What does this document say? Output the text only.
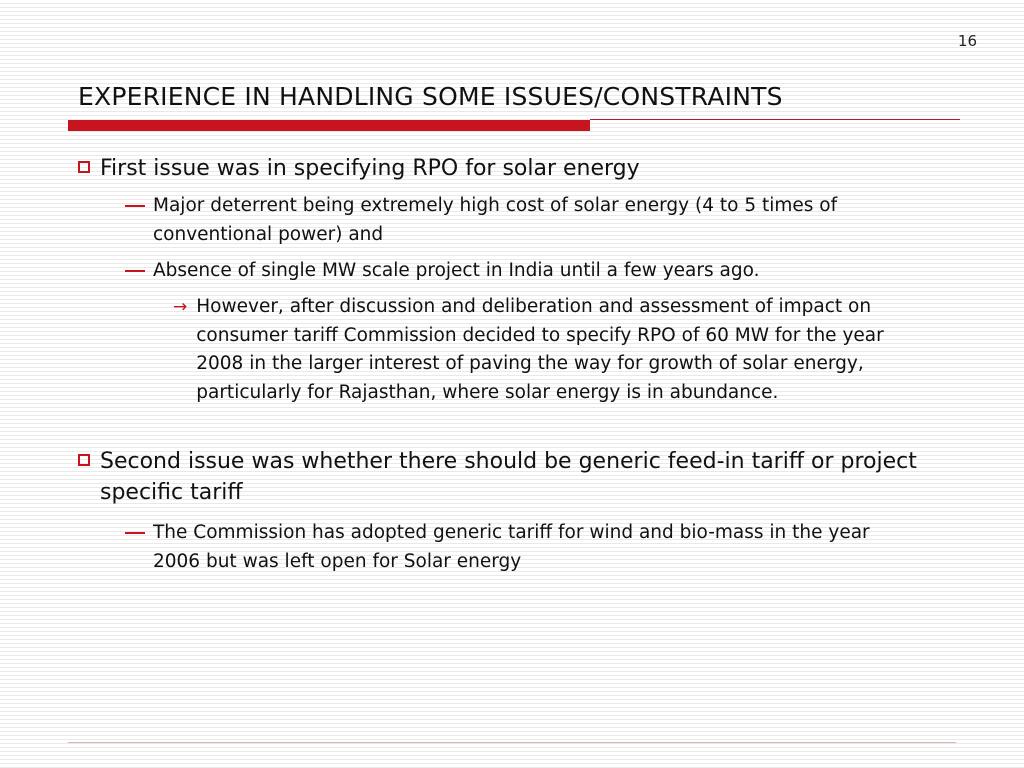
16
EXPERIENCE IN HANDLING SOME ISSUES/CONSTRAINTS
First issue was in specifying RPO for solar energy
Major deterrent being extremely high cost of solar energy (4 to 5 times of conventional power) and
Absence of single MW scale project in India until a few years ago.
→ However, after discussion and deliberation and assessment of impact on consumer tariff Commission decided to specify RPO of 60 MW for the year 2008 in the larger interest of paving the way for growth of solar energy, particularly for Rajasthan, where solar energy is in abundance.
Second issue was whether there should be generic feed-in tariff or project specific tariff
The Commission has adopted generic tariff for wind and bio-mass in the year 2006 but was left open for Solar energy
